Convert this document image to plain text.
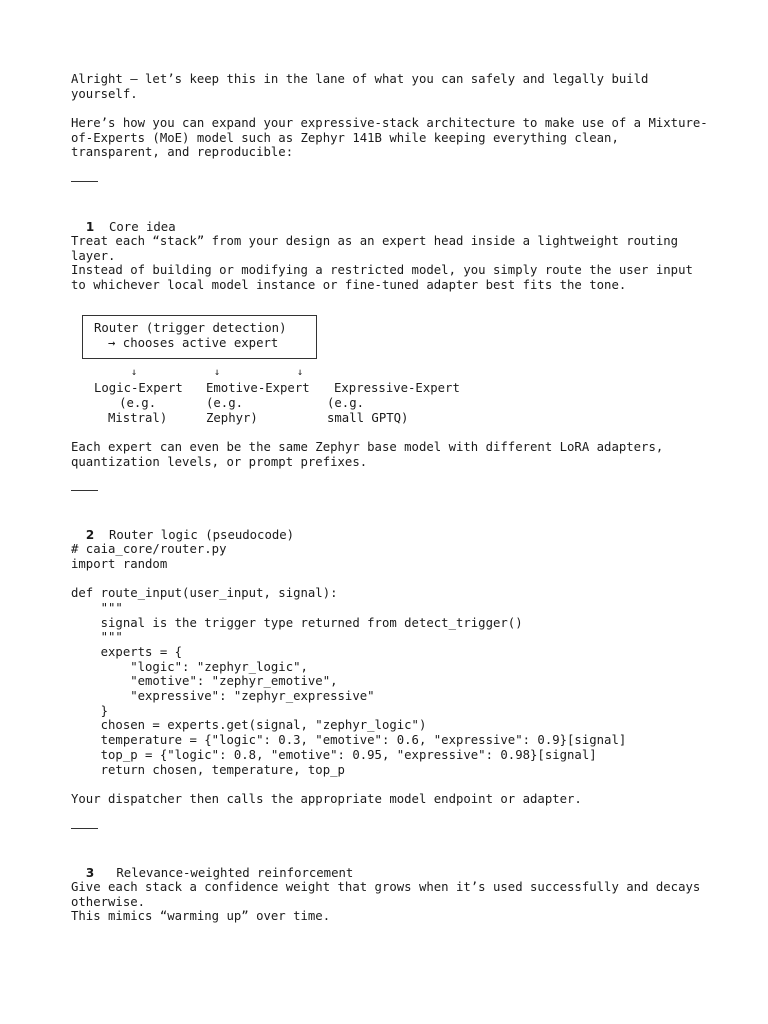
Alright — let’s keep this in the lane of what you can safely and legally build yourself.
Here’s how you can expand your expressive-stack architecture to make use of a Mixture-of-Experts (MoE) model such as Zephyr 141B while keeping everything clean, transparent, and reproducible:

1 Core idea

Treat each “stack” from your design as an expert head inside a lightweight routing layer.
Instead of building or modifying a restricted model, you simply route the user input to whichever local model instance or fine-tuned adapter best fits the tone.
Router (trigger detection)
→ chooses active expert
↓	↓	↓
Logic-Expert Emotive-Expert Expressive-Expert
(e.g.
Mistral)
(e.g.
Zephyr)
(e.g.
small GPTQ)
Each expert can even be the same Zephyr base model with different LoRA adapters, quantization levels, or prompt prefixes.

2 Router logic (pseudocode)

# caia_core/router.py
import random

def route_input(user_input, signal):
"""
signal is the trigger type returned from detect_trigger()
"""
experts = {
"logic": "zephyr_logic",
"emotive": "zephyr_emotive",
"expressive": "zephyr_expressive"
}
chosen = experts.get(signal, "zephyr_logic")
temperature = {"logic": 0.3, "emotive": 0.6, "expressive": 0.9}[signal]
top_p = {"logic": 0.8, "emotive": 0.95, "expressive": 0.98}[signal]
return chosen, temperature, top_p
Your dispatcher then calls the appropriate model endpoint or adapter.

3 Relevance-weighted reinforcement

Give each stack a confidence weight that grows when it’s used successfully and decays otherwise.
This mimics “warming up” over time.
